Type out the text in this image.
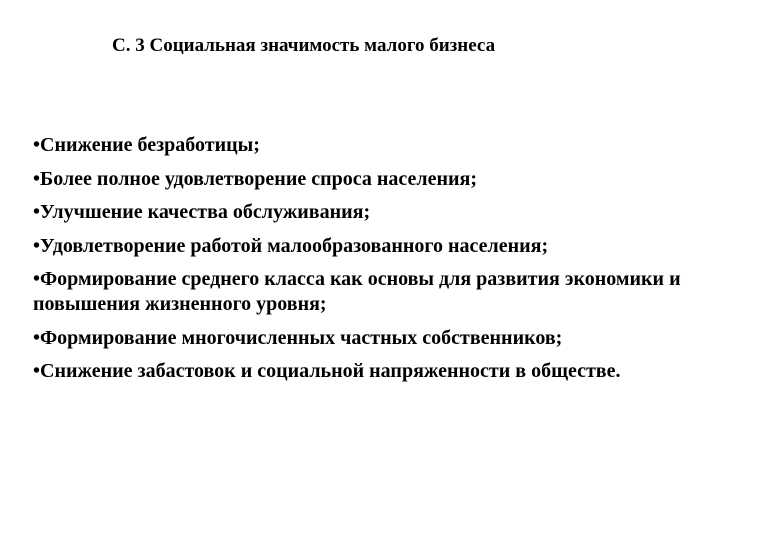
С. 3 Социальная значимость малого бизнеса
•Снижение безработицы;
•Более полное удовлетворение спроса населения;
•Улучшение качества обслуживания;
•Удовлетворение работой малообразованного населения;
•Формирование среднего класса как основы для развития экономики и повышения жизненного уровня;
•Формирование многочисленных частных собственников;
•Снижение забастовок и социальной напряженности в обществе.
